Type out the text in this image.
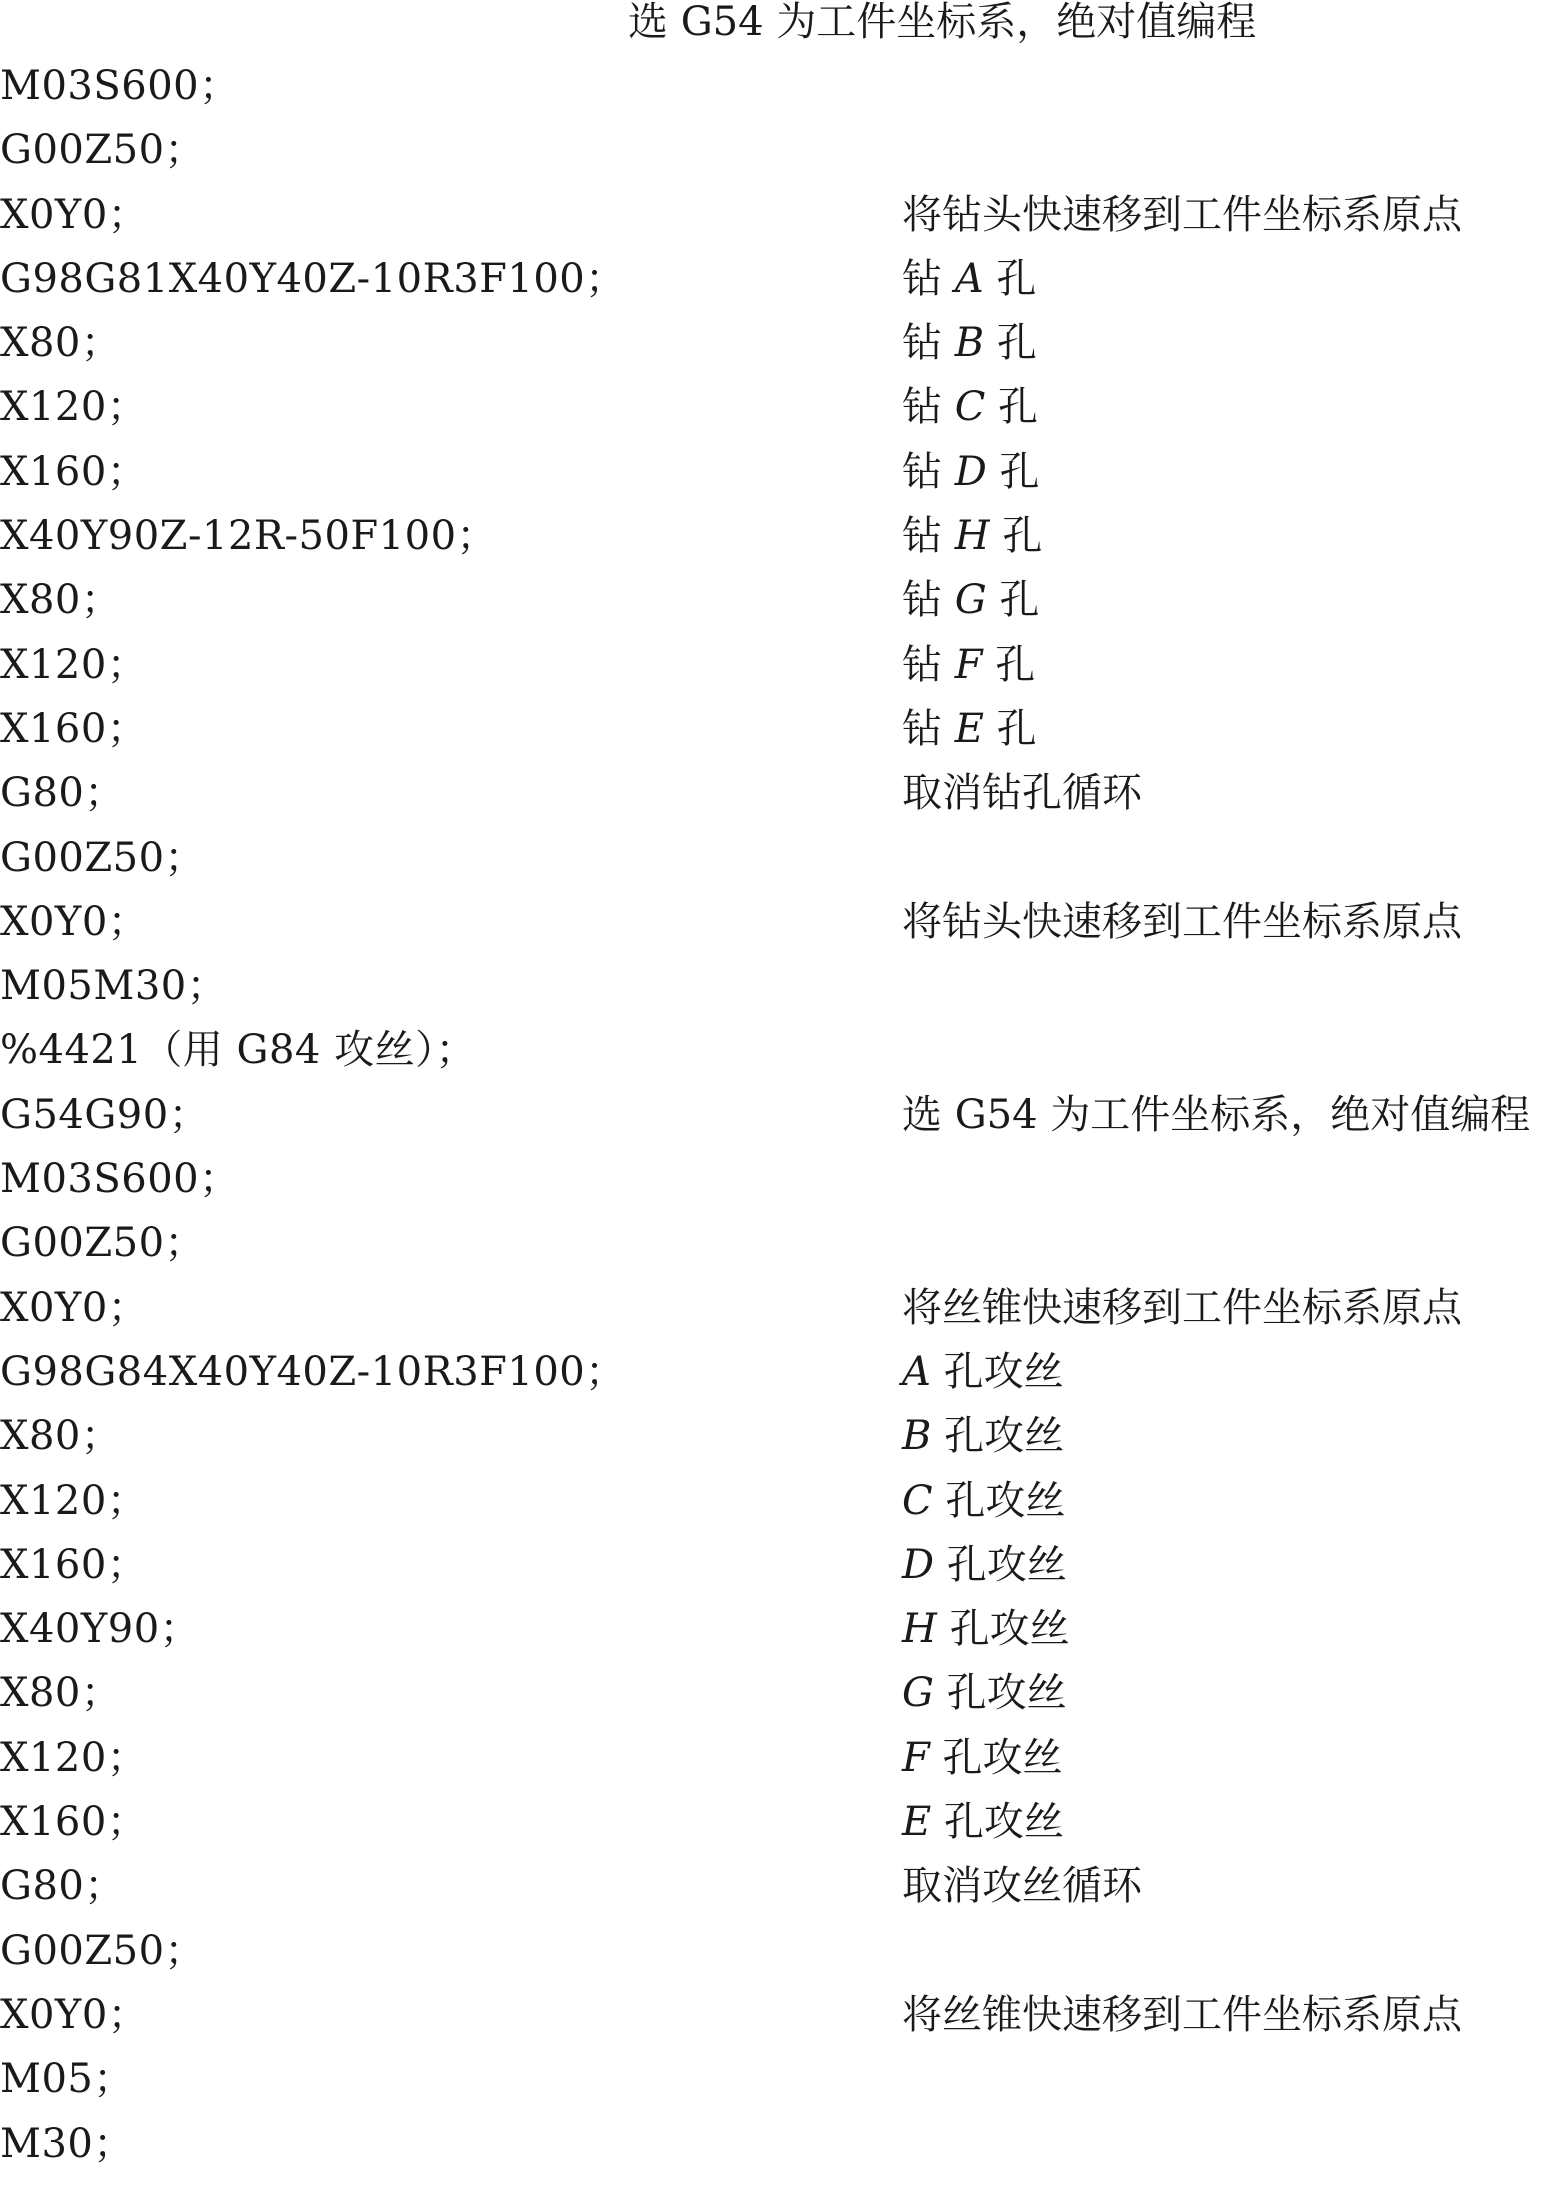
选 G54 为工件坐标系，绝对值编程
M03S600；
G00Z50；
X0Y0；	将钻头快速移到工件坐标系原点
G98G81X40Y40Z-10R3F100；	钻 A 孔
X80；	钻 B 孔
X120；	钻 C 孔
X160；	钻 D 孔
X40Y90Z-12R-50F100；	钻 H 孔
X80；	钻 G 孔
X120；	钻 F 孔
X160；	钻 E 孔
G80；	取消钻孔循环
G00Z50；
X0Y0；	将钻头快速移到工件坐标系原点
M05M30；
%4421（用 G84 攻丝）；
G54G90；	选 G54 为工件坐标系，绝对值编程
M03S600；
G00Z50；
X0Y0；	将丝锥快速移到工件坐标系原点
G98G84X40Y40Z-10R3F100；	A 孔攻丝
X80；	B 孔攻丝
X120；	C 孔攻丝
X160；	D 孔攻丝
X40Y90；	H 孔攻丝
X80；	G 孔攻丝
X120；	F 孔攻丝
X160；	E 孔攻丝
G80；	取消攻丝循环
G00Z50；
X0Y0；	将丝锥快速移到工件坐标系原点
M05；
M30；
